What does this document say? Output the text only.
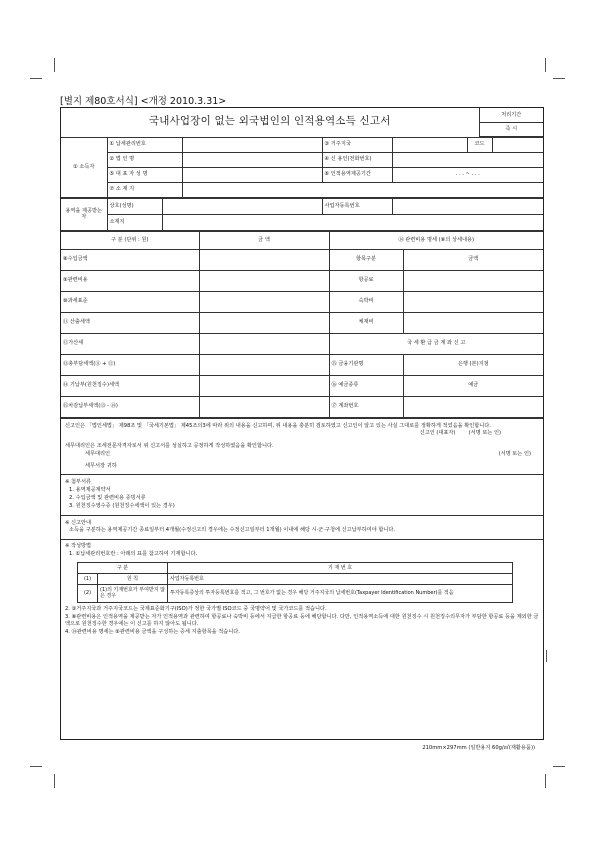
[별지 제80호서식] <개정 2010.3.31>
국내사업장이 없는 외국법인의 인적용역소득 신고서	처리기간
즉 시
① 소득자	① 납세관리번호		③ 거주지국		코드	
	② 법 인 명		④ 신 용인(전화번호)			
	⑤ 대 표 자 성 명		⑥ 인적용역제공기간	. . . ~ . . .		
	⑦ 소 재 지					
용역을 제공받는자	상호(성명)		사업자등록번호	
	소재지			
구 분 (단위 : 원)	금 액	⑭ 관련비용 명세 (⑧의 상세내용)	
⑧수입금액		항목구분	금액
⑨관련비용		항공료	
⑩과세표준		숙박비	
⑪ 산출세액		체재비	
⑫가산세		국 세 환 급 금 계 좌 신 고	
⑬총부담세액(⑪ + ⑫)		⑮ 금융기관명	은행 (본)지점
⑭ 기납부(원천징수)세액		⑯ 예금종류	예금
⑮차감납부세액(⑬ - ⑭)		⑰ 계좌번호	
신고인은 「법인세법」 제98조 및 「국세기본법」 제45조의3에 따라 위의 내용을 신고하며, 위 내용을 충분히 검토하였고 신고인이 알고 있는 사실 그대로를 정확하게 적었음을 확인합니다.
신고인 (대표자)	(서명 또는 인)
세무대리인은 조세전문자격자로서 위 신고서를 성실하고 공정하게 작성하였음을 확인합니다.
세무대리인	(서명 또는 인)
세무서장 귀하
※ 첨부서류
1. 용역제공계약서
2. 수입금액 및 관련비용 증빙서류
3. 원천징수영수증 (원천징수세액이 있는 경우)
※ 신고안내
소득을 구분하는 용역제공기간 종료일부터 4개월(수정신고의 경우에는 수정신고일부터 1개월) 이내에 해당 시·군·구청에 신고납부하여야 합니다.
※ 작성방법
1. ①납세관리번호란 : 아래의 표를 참고하여 기재합니다.
구 분		기 재 번 호
(1)	원 칙	사업자등록번호
(2)	(1)의 기재번호가 부여받지 않은 경우	투자등록증상의 투자등록번호를 적고, 그 번호가 없는 경우 해당 거주지국의 납세번호(Taxpayer Identification Number)를 적음
2. ③거주지국과 거주지국코드는 국제표준화기구(ISO)가 정한 국가별 ISO코드 중 국명약어 및 국가코드를 적습니다.
3. ⑧관련비용은 인적용역을 제공받는 자가 인적용역과 관련하여 항공료나 숙박비 등에서 지급한 항공료 등에 해당합니다. 다만, 인적용역소득에 대한 원천징수 시 원천징수의무자가 부담한 항공료 등을 제외한 금액으로 원천징수한 경우에는 이 신고를 하지 않아도 됩니다.
4. ⑭관련비용 명세는 ⑨관련비용 금액을 구성하는 증세 지출항목을 적습니다.
210mm×297mm (일반용지 60g/㎡(재활용품))
